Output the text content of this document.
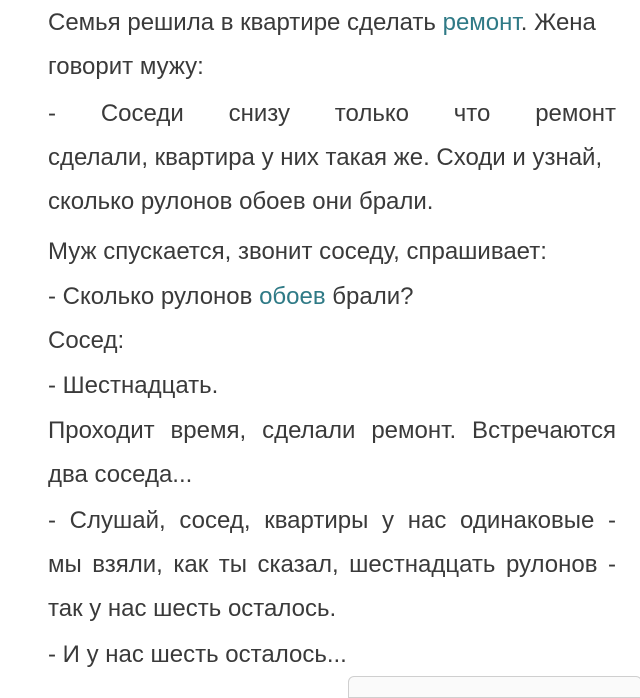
Семья решила в квартире сделать ремонт. Жена
говорит мужу:

- Соседи снизу только что ремонт
сделали, квартира у них такая же. Сходи и узнай,
сколько рулонов обоев они брали.

Муж спускается, звонит соседу, спрашивает:

- Сколько рулонов обоев брали?

Сосед:

- Шестнадцать.

Проходит время, сделали ремонт. Встречаются
два соседа...
- Слушай, сосед, квартиры у нас одинаковые -
мы взяли, как ты сказал, шестнадцать рулонов -
так у нас шесть осталось.

- И у нас шесть осталось...
